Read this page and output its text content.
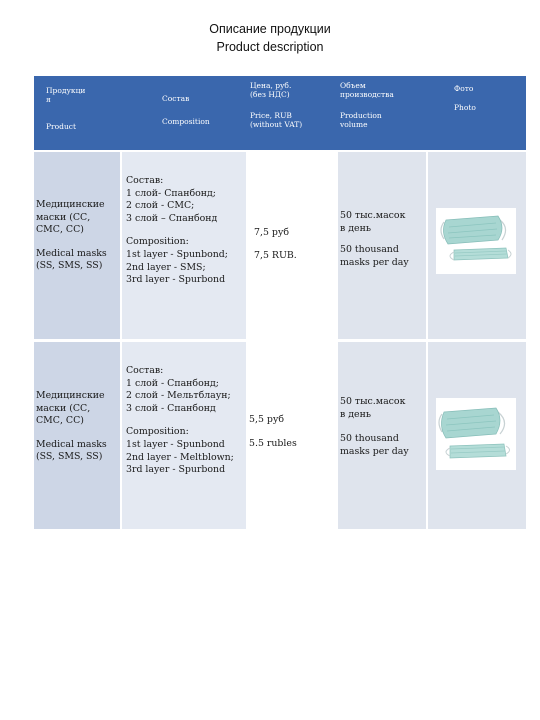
Описание продукции
Product description
Продукци
я
Product
Состав
Composition
Цена, руб.
(без НДС)
Price, RUB
(without VAT)
Объем
производства
Production
volume
Фото
Photo
Медицинские
маски (СС,
СМС, СС)
Medical masks
(SS, SMS, SS)
Состав:
1 слой- Спанбонд;
2 слой - СМС;
3 слой – Спанбонд
Composition:
1st layer - Spunbond;
2nd layer - SMS;
3rd layer - Spurbond
7,5 руб
7,5 RUB.
50 тыс.масок
в день
50 thousand
masks per day
Медицинские
маски (СС,
СМС, СС)
Medical masks
(SS, SMS, SS)
Состав:
1 слой - Спанбонд;
2 слой - Мельтблаун;
3 слой - Спанбонд
Composition:
1st layer - Spunbond
2nd layer - Meltblown;
3rd layer - Spurbond
5,5 руб
5.5 rubles
50 тыс.масок
в день
50 thousand
masks per day
